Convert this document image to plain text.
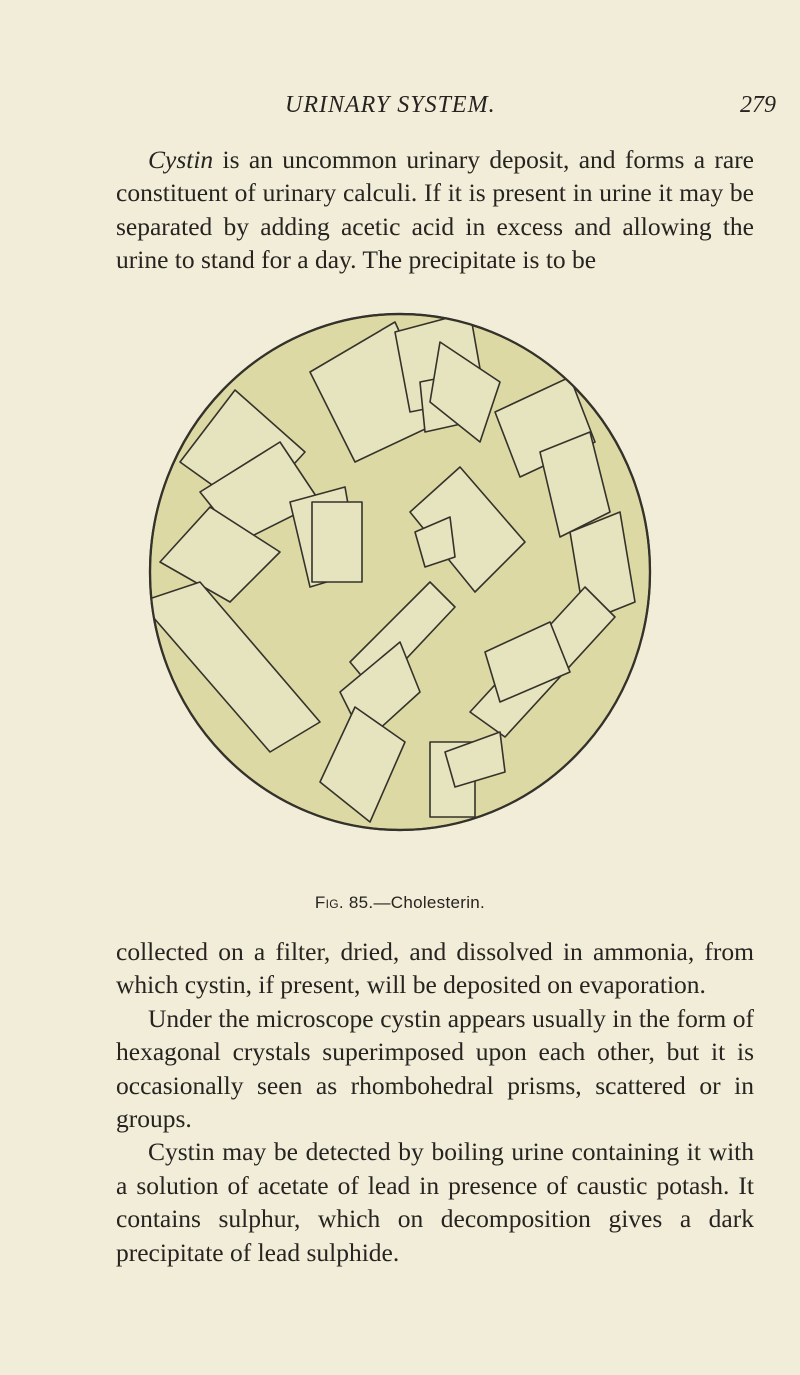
URINARY SYSTEM.	279

Cystin is an uncommon urinary deposit, and forms a rare constituent of urinary calculi. If it is present in urine it may be separated by adding acetic acid in excess and allowing the urine to stand for a day. The precipitate is to be

Fig. 85.—Cholesterin.

collected on a filter, dried, and dissolved in ammonia, from which cystin, if present, will be deposited on evaporation.

Under the microscope cystin appears usually in the form of hexagonal crystals superimposed upon each other, but it is occasionally seen as rhombohedral prisms, scattered or in groups.

Cystin may be detected by boiling urine containing it with a solution of acetate of lead in presence of caustic potash. It contains sulphur, which on decomposition gives a dark precipitate of lead sulphide.
